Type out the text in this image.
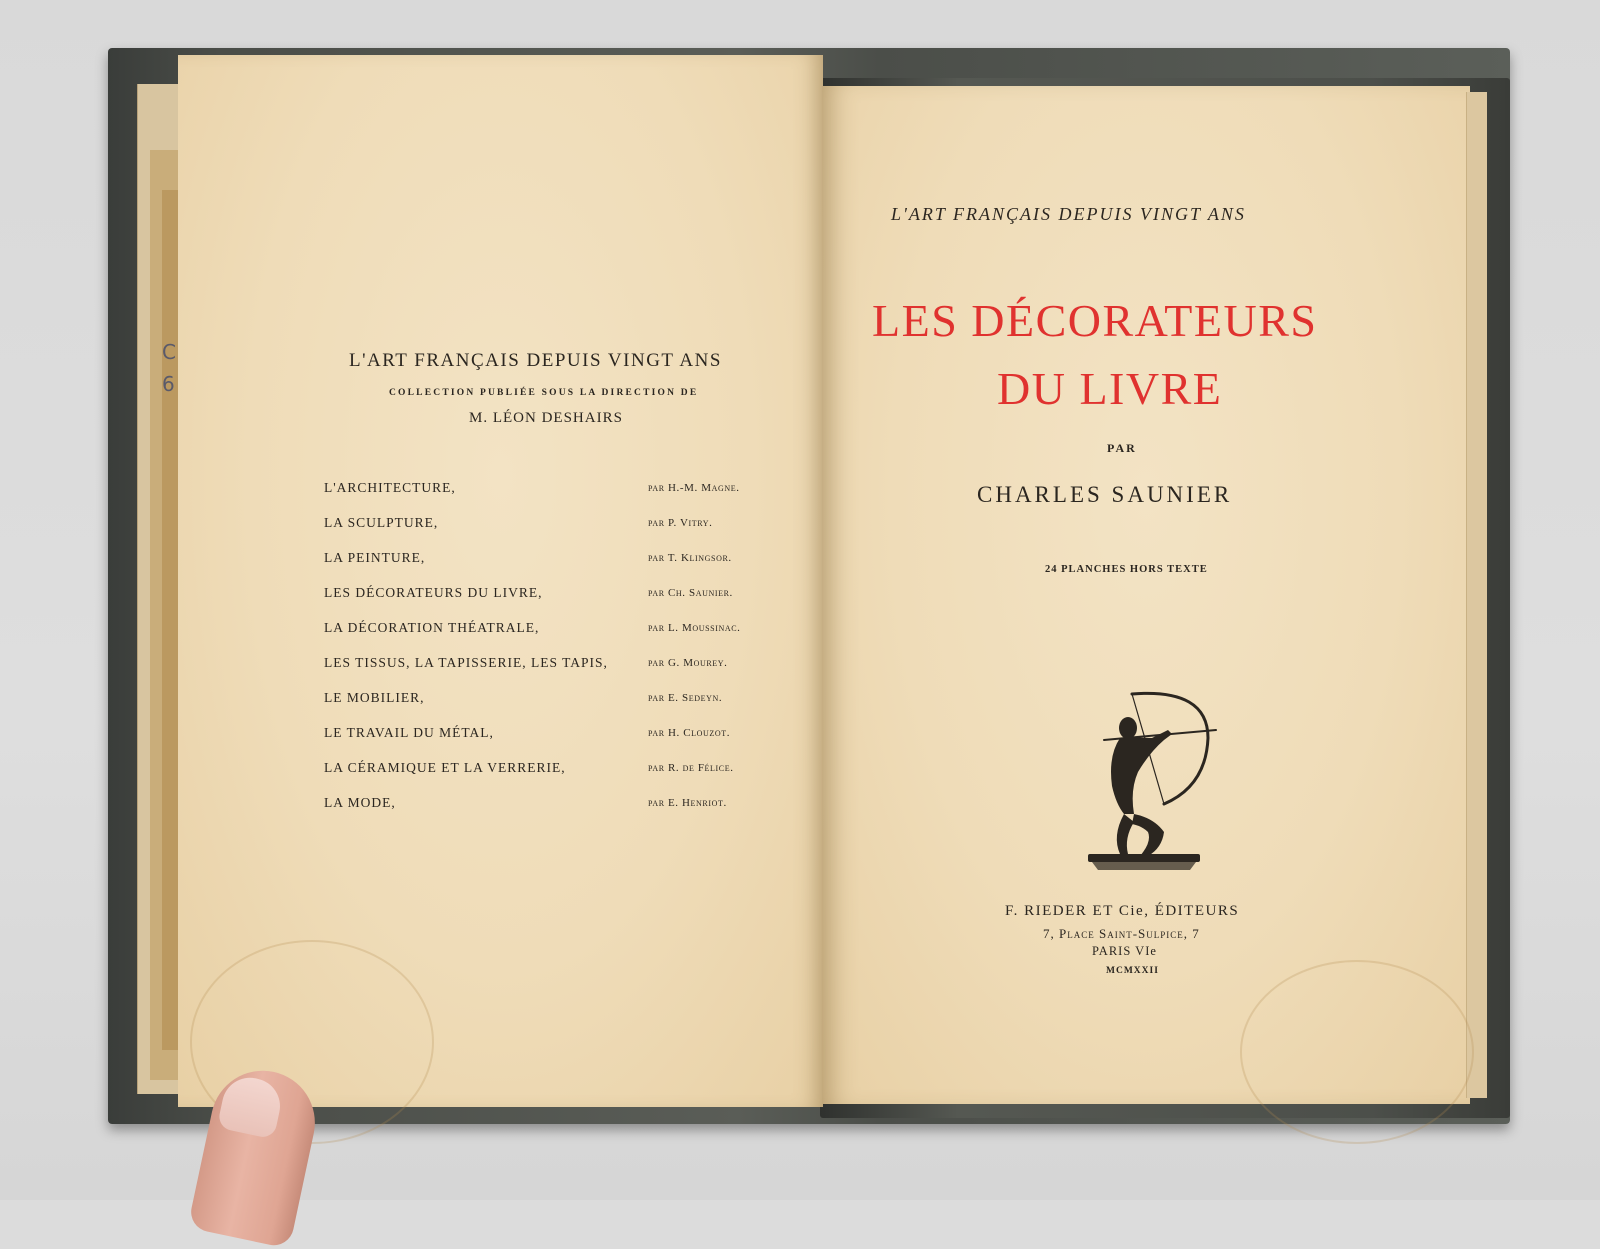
C
6
L'ART FRANÇAIS DEPUIS VINGT ANS
COLLECTION PUBLIÉE SOUS LA DIRECTION DE
M. LÉON DESHAIRS
L'ARCHITECTURE,	par H.-M. Magne.
LA SCULPTURE,	par P. Vitry.
LA PEINTURE,	par T. Klingsor.
LES DÉCORATEURS DU LIVRE,	par Ch. Saunier.
LA DÉCORATION THÉATRALE,	par L. Moussinac.
LES TISSUS, LA TAPISSERIE, LES TAPIS,	par G. Mourey.
LE MOBILIER,	par E. Sedeyn.
LE TRAVAIL DU MÉTAL,	par H. Clouzot.
LA CÉRAMIQUE ET LA VERRERIE,	par R. de Félice.
LA MODE,	par E. Henriot.
L'ART FRANÇAIS DEPUIS VINGT ANS
LES DÉCORATEURS
DU LIVRE
PAR
CHARLES SAUNIER
24 PLANCHES HORS TEXTE
F. RIEDER ET Cie, ÉDITEURS
7, Place Saint-Sulpice, 7
PARIS VIe
MCMXXII
